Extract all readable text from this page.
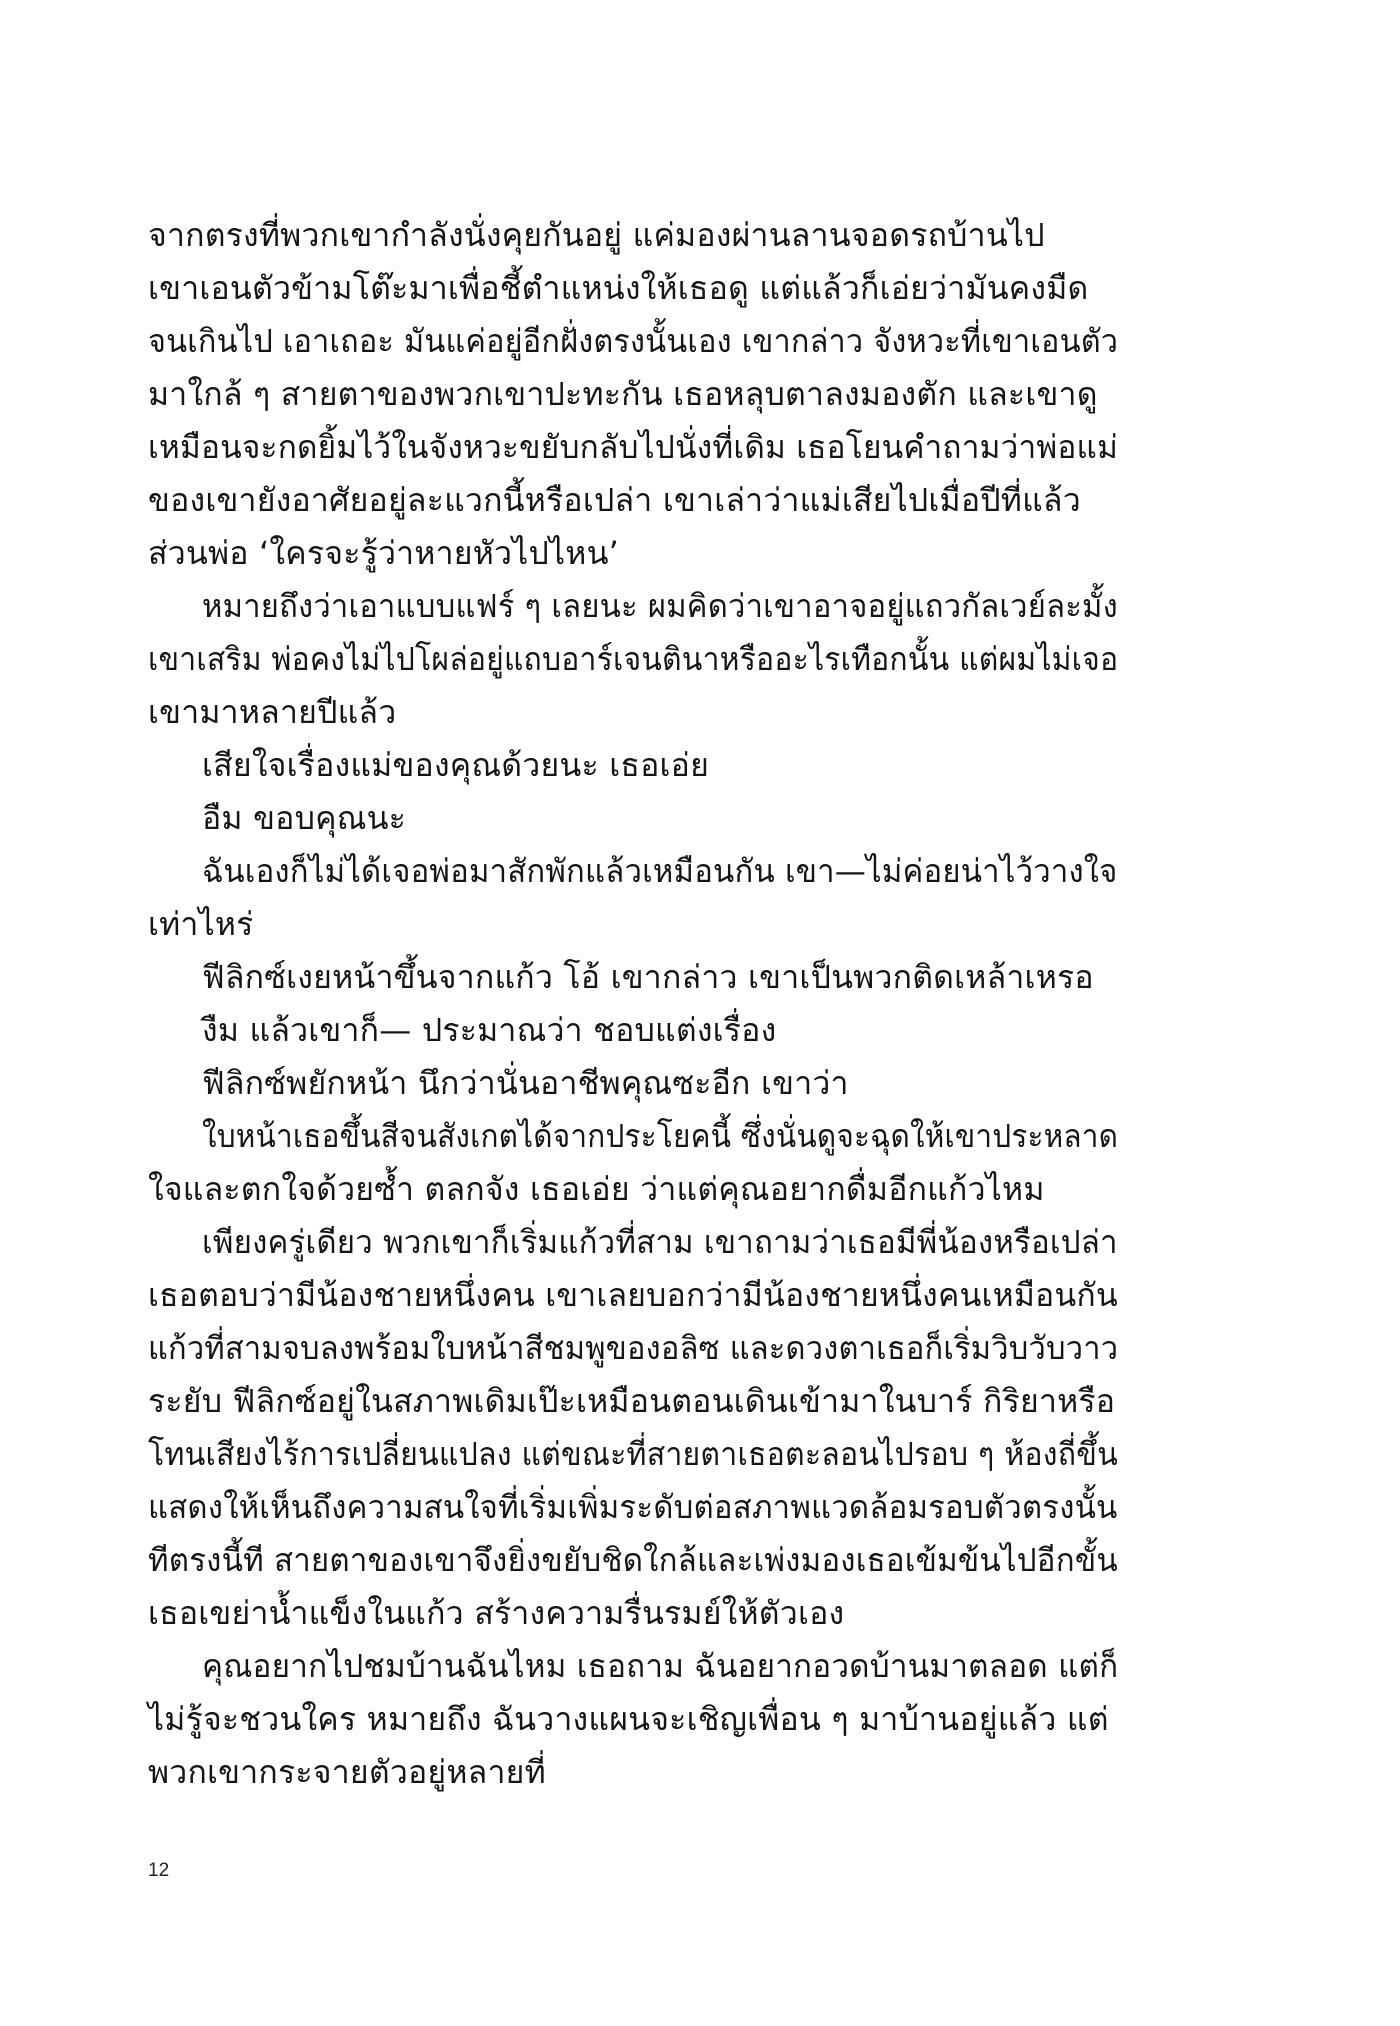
จากตรงที่พวกเขากำลังนั่งคุยกันอยู่ แค่มองผ่านลานจอดรถบ้านไป
เขาเอนตัวข้ามโต๊ะมาเพื่อชี้ตำแหน่งให้เธอดู แต่แล้วก็เอ่ยว่ามันคงมืด
จนเกินไป เอาเถอะ มันแค่อยู่อีกฝั่งตรงนั้นเอง เขากล่าว จังหวะที่เขาเอนตัว
มาใกล้ ๆ สายตาของพวกเขาปะทะกัน เธอหลุบตาลงมองตัก และเขาดู
เหมือนจะกดยิ้มไว้ในจังหวะขยับกลับไปนั่งที่เดิม เธอโยนคำถามว่าพ่อแม่
ของเขายังอาศัยอยู่ละแวกนี้หรือเปล่า เขาเล่าว่าแม่เสียไปเมื่อปีที่แล้ว
ส่วนพ่อ ‘ใครจะรู้ว่าหายหัวไปไหน’
หมายถึงว่าเอาแบบแฟร์ ๆ เลยนะ ผมคิดว่าเขาอาจอยู่แถวกัลเวย์ละมั้ง
เขาเสริม พ่อคงไม่ไปโผล่อยู่แถบอาร์เจนตินาหรืออะไรเทือกนั้น แต่ผมไม่เจอ
เขามาหลายปีแล้ว
เสียใจเรื่องแม่ของคุณด้วยนะ เธอเอ่ย
อืม ขอบคุณนะ
ฉันเองก็ไม่ได้เจอพ่อมาสักพักแล้วเหมือนกัน เขา—ไม่ค่อยน่าไว้วางใจ
เท่าไหร่
ฟีลิกซ์เงยหน้าขึ้นจากแก้ว โอ้ เขากล่าว เขาเป็นพวกติดเหล้าเหรอ
งืม แล้วเขาก็— ประมาณว่า ชอบแต่งเรื่อง
ฟีลิกซ์พยักหน้า นึกว่านั่นอาชีพคุณซะอีก เขาว่า
ใบหน้าเธอขึ้นสีจนสังเกตได้จากประโยคนี้ ซึ่งนั่นดูจะฉุดให้เขาประหลาด
ใจและตกใจด้วยซ้ำ ตลกจัง เธอเอ่ย ว่าแต่คุณอยากดื่มอีกแก้วไหม
เพียงครู่เดียว พวกเขาก็เริ่มแก้วที่สาม เขาถามว่าเธอมีพี่น้องหรือเปล่า
เธอตอบว่ามีน้องชายหนึ่งคน เขาเลยบอกว่ามีน้องชายหนึ่งคนเหมือนกัน
แก้วที่สามจบลงพร้อมใบหน้าสีชมพูของอลิซ และดวงตาเธอก็เริ่มวิบวับวาว
ระยับ ฟีลิกซ์อยู่ในสภาพเดิมเป๊ะเหมือนตอนเดินเข้ามาในบาร์ กิริยาหรือ
โทนเสียงไร้การเปลี่ยนแปลง แต่ขณะที่สายตาเธอตะลอนไปรอบ ๆ ห้องถี่ขึ้น
แสดงให้เห็นถึงความสนใจที่เริ่มเพิ่มระดับต่อสภาพแวดล้อมรอบตัวตรงนั้น
ทีตรงนี้ที สายตาของเขาจึงยิ่งขยับชิดใกล้และเพ่งมองเธอเข้มข้นไปอีกขั้น
เธอเขย่าน้ำแข็งในแก้ว สร้างความรื่นรมย์ให้ตัวเอง
คุณอยากไปชมบ้านฉันไหม เธอถาม ฉันอยากอวดบ้านมาตลอด แต่ก็
ไม่รู้จะชวนใคร หมายถึง ฉันวางแผนจะเชิญเพื่อน ๆ มาบ้านอยู่แล้ว แต่
พวกเขากระจายตัวอยู่หลายที่
12
